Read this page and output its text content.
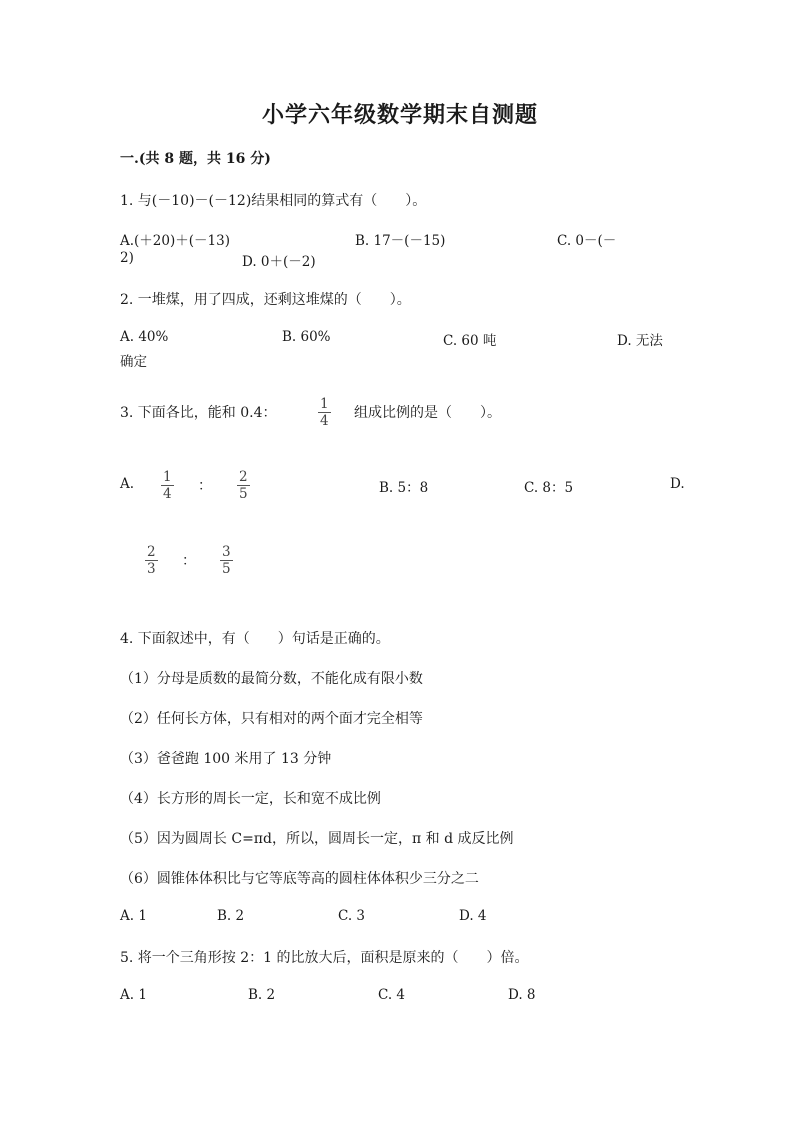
小学六年级数学期末自测题
一.(共 8 题，共 16 分)
1. 与(－10)－(－12)结果相同的算式有（　　）。
A.(＋20)＋(－13)	B. 17－(－15)	C. 0－(－
2)	D. 0＋(－2)
2. 一堆煤，用了四成，还剩这堆煤的（　　）。
A. 40%	B. 60%	C. 60 吨	D. 无法
确定
3. 下面各比，能和 0.4：	$\frac{1}{4}$ 组成比例的是（　　）。
A. $\frac{1}{4}$ ： $\frac{2}{5}$	B. 5：8	C. 8：5	D.
$\frac{2}{3}$ ： $\frac{3}{5}$
4. 下面叙述中，有（　　）句话是正确的。
（1）分母是质数的最简分数，不能化成有限小数
（2）任何长方体，只有相对的两个面才完全相等
（3）爸爸跑 100 米用了 13 分钟
（4）长方形的周长一定，长和宽不成比例
（5）因为圆周长 C=πd，所以，圆周长一定，π 和 d 成反比例
（6）圆锥体体积比与它等底等高的圆柱体体积少三分之二
A. 1	B. 2	C. 3	D. 4
5. 将一个三角形按 2：1 的比放大后，面积是原来的（　　）倍。
A. 1	B. 2	C. 4	D. 8
